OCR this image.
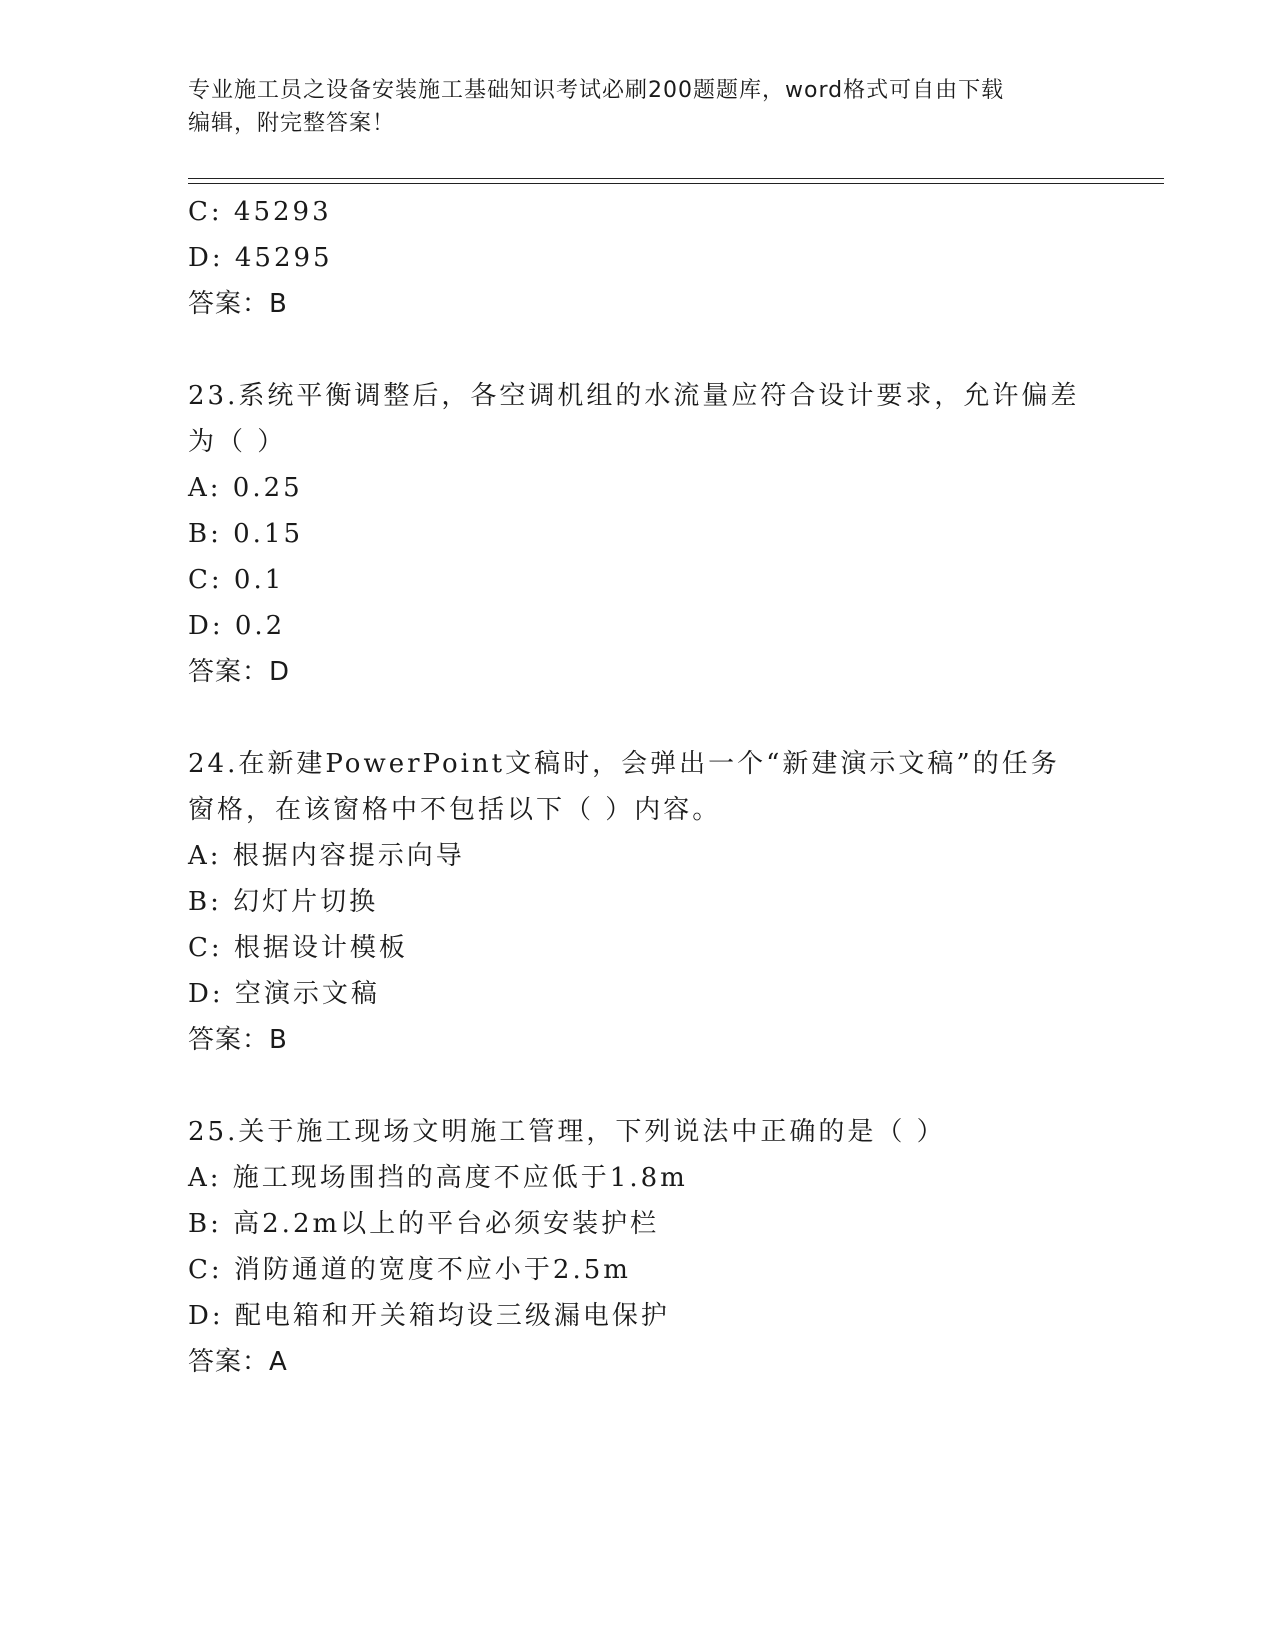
专业施工员之设备安装施工基础知识考试必刷200题题库，word格式可自由下载
编辑，附完整答案！
C: 45293
D: 45295
答案：B
23.系统平衡调整后，各空调机组的水流量应符合设计要求，允许偏差
为（ ）
A: 0.25
B: 0.15
C: 0.1
D: 0.2
答案：D
24.在新建PowerPoint文稿时，会弹出一个“新建演示文稿”的任务
窗格，在该窗格中不包括以下（ ）内容。
A: 根据内容提示向导
B: 幻灯片切换
C: 根据设计模板
D: 空演示文稿
答案：B
25.关于施工现场文明施工管理，下列说法中正确的是（ ）
A: 施工现场围挡的高度不应低于1.8m
B: 高2.2m以上的平台必须安装护栏
C: 消防通道的宽度不应小于2.5m
D: 配电箱和开关箱均设三级漏电保护
答案：A
